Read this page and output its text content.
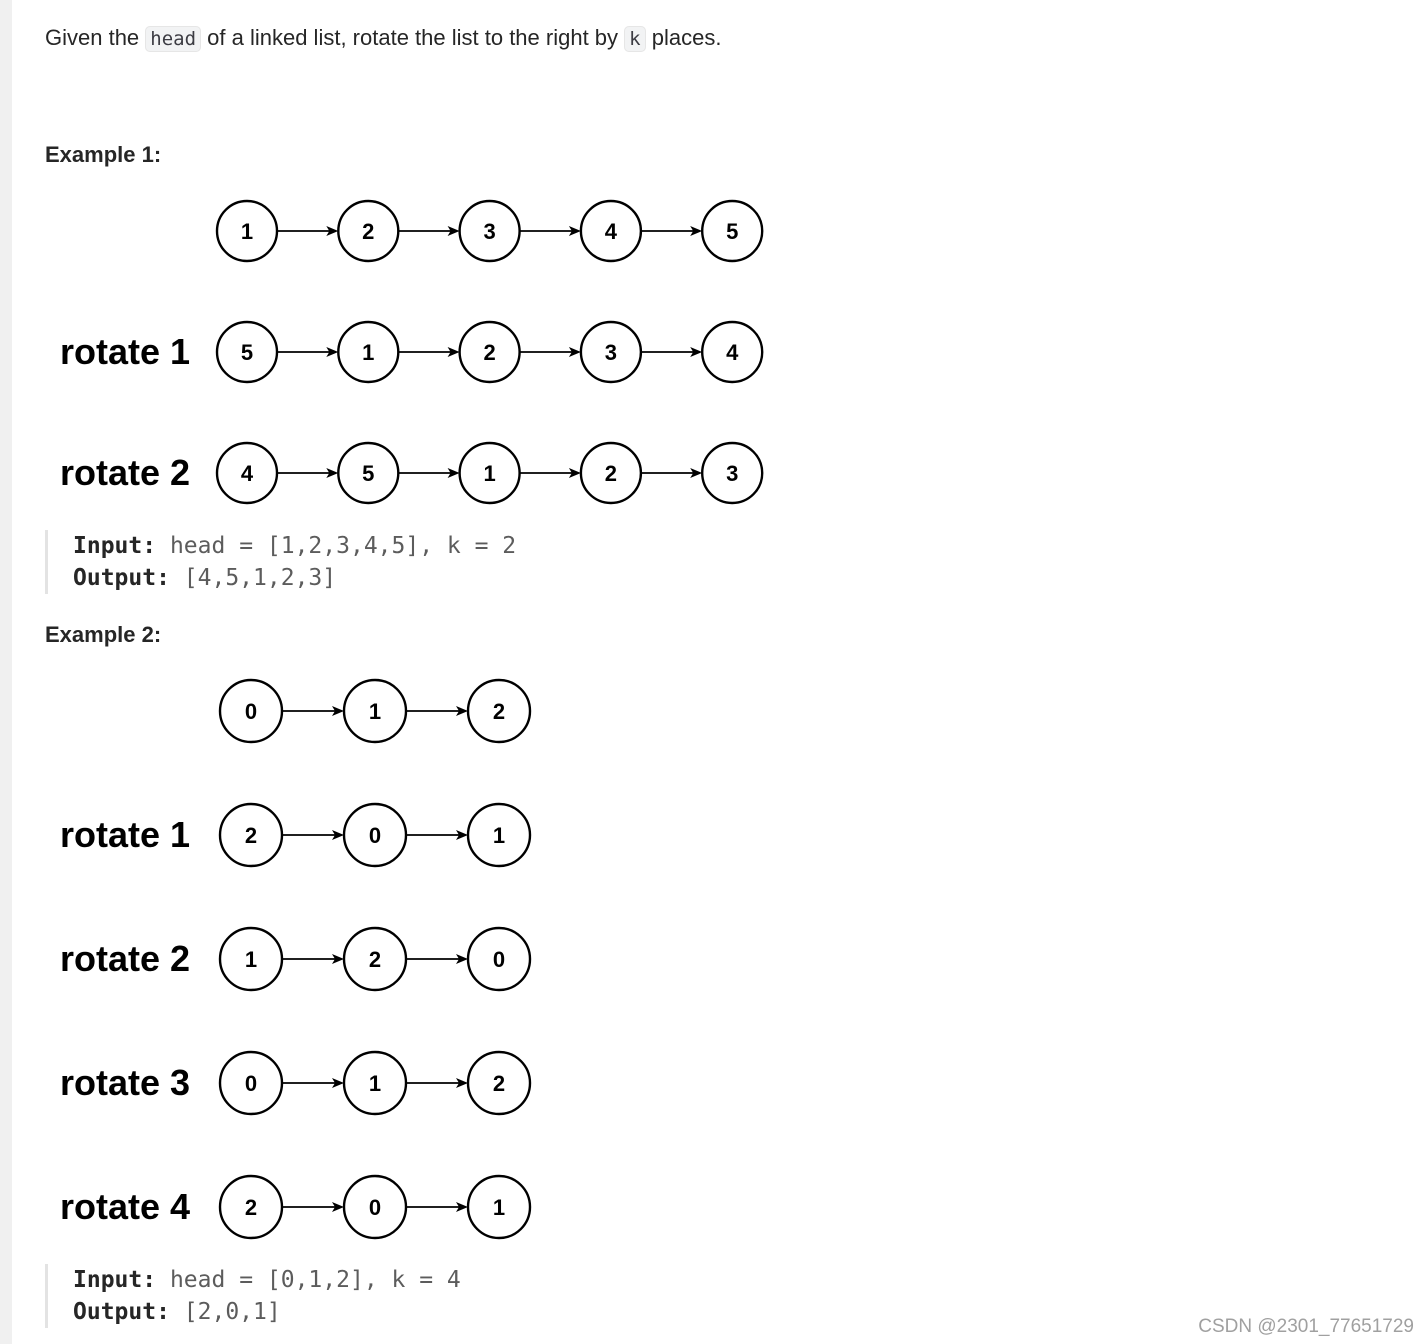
Given the head of a linked list, rotate the list to the right by k places.
Example 1:
1	2	3	4	5
rotate 1 5	1	2	3	4
rotate 2 4	5	1	2	3
Input: head = [1,2,3,4,5], k = 2
Output: [4,5,1,2,3]
Example 2:
0	1	2
rotate 1 2	0	1
rotate 2 1	2	0
rotate 3 0	1	2
rotate 4 2	0	1
Input: head = [0,1,2], k = 4
Output: [2,0,1]
CSDN @2301_77651729
